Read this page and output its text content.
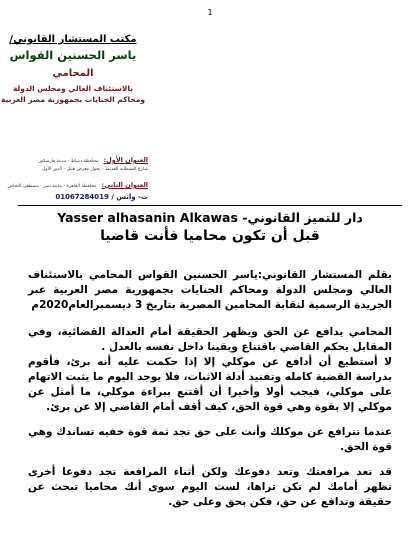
1
مكتب المستشار القانوني/
ياسر الحسنين القواس
المحامي
بالاستئناف العالي ومجلس الدولة
ومحاكم الجنايات بجمهورية مصر العربية
العنوان الأول: محافظة دمياط - مدينة فارسكور
شارع السنطانة القديمة - بجوار معرض هيثل - الدور الأول
العنوان الثاني: محافظة القاهرة - مدينة نصر - مصطفى النحاس
ت- واتس / 01067284019
Yasser alhasanin Alkawas -دار للتميز القانوني
قبل أن تكون محاميا فأنت قاضيا
بقلم المستشار القانوني:ياسر الحسنين القواس المحامي بالاستئناف العالي ومجلس الدولة ومحاكم الجنايات بجمهورية مصر العربية عبر الجريدة الرسمية لنقابة المحامين المصرية بتاريخ 3 ديسمبرالعام2020م
المحامي يدافع عن الحق ويظهر الحقيقة أمام العدالة القضائية، وفي المقابل يحكم القاضي باقتناع ويقينا داخل نفسه بالعدل .
لا أستطيع أن أدافع عن موكلي إلا إذا حكمت عليه أنه برئ، فأقوم بدراسة القضية كامله وتفنيد أدلة الاثبات، فلا يوجد اليوم ما يثبت الاتهام على موكلي، فيجب أولا وأخيرا أن أقتنع ببراءة موكلي، ما أمثل عن موكلي إلا بقوة وهي قوة الحق، كيف أقف أمام القاضي إلا عن برئ.
عندما تترافع عن موكلك وأنت على حق تجد ثمة قوة خفيه تساندك وهي قوة الحق.
قد تعد مرافعتك وتعد دفوعك ولكن أثناء المرافعة تجد دفوعا أخرى تظهر أمامك لم تكن تراها، لست اليوم سوى أنك محاميا تبحث عن حقيقة وتدافع عن حق، فكن بحق وعلى حق.
